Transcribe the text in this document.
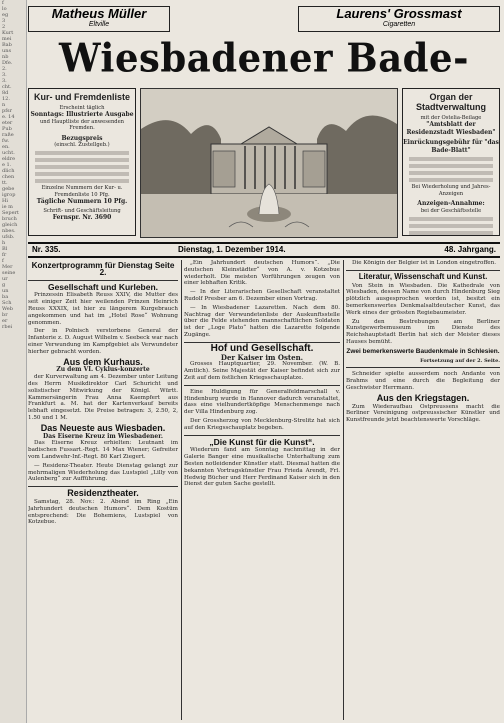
f
lo
eg
3
2
Kurt
mei
Bab
uns
nb
Dfe.
2.
3.
3.
cht.
8d
12.
n
pfsr
e. 14
eter
Pub
raße
fw.
en.
ucht.
eldre
e 1.
dlich
chen
tt.
gebe
igrop
Hi
ie m
Sepert
bruch
gleich
nbes.
ufsb.
h
Bl
fr
f
Mer
seine
ur
g
un
ba
Sch
Web
br
er
rbei
Matheus Müller
Eltville
Laurens' Grossmast
Cigaretten
Wiesbadener Bade-
Kur- und Fremdenliste
Erscheint täglich
Sonntags: Illustrierte Ausgabe
und Hauptliste der anwesenden Fremden.
Bezugspreis
(einschl. Zustellgeb.)
Einzelne Nummern der Kur- u. Fremdenliste 10 Pfg.
Tägliche Nummern 10 Pfg.
Schrift- und Geschäftsleitung
Fernspr. Nr. 3690
Organ der Stadtverwaltung
mit der Ostelia-Beilage
"Amtsblatt der Residenzstadt Wiesbaden"
Einrückungsgebühr für "das Bade-Blatt"
Bei Wiederholung und Jahres-Anzeigen
Anzeigen-Annahme:
bei der Geschäftsstelle
Nr. 335.	Dienstag, 1. Dezember 1914.	48. Jahrgang.
Konzertprogramm für Dienstag Seite 2.
Gesellschaft und Kurleben.

Prinzessin Elisabeth Reuss XXIV, die Mutter des seit einiger Zeit hier weilenden Prinzen Heinrich Reuss XXXIX, ist hier zu längerem Kurgebrauch angekommen und hat im „Hotel Rose“ Wohnung genommen.

Der in Polnisch verstorbene General der Infanterie z. D. August Wilhelm v. Seebeck war nach einer Verwundung im Kampfgebiet als Verwundeter hierher gebracht worden.

Aus dem Kurhaus.
Zu dem VI. Cyklus-konzerte

der Kurverwaltung am 4. Dezember unter Leitung des Herrn Musikdirektor Carl Schuricht und solistischer Mitwirkung der Königl. Württ. Kammersängerin Frau Anna Kaempfert aus Frankfurt a. M. hat der Kartenverkauf bereits lebhaft eingesetzt. Die Preise betragen: 3, 2.50, 2, 1.50 und 1 M.

Das Neueste aus Wiesbaden.
Das Eiserne Kreuz im Wiesbadener.

Das Eiserne Kreuz erhielten: Leutnant im badischen Fussart.-Regt. 14 Max Wiener; Gefreiter vom Landwehr-Inf.-Regt. 80 Karl Ziegert.

— Residenz-Theater. Heute Dienstag gelangt zur mehrmaligen Wiederholung das Lustspiel „Lilly von Aulenberg“ zur Aufführung.

Residenztheater.

Samstag, 28. Nov.: 2. Abend im Ring „Ein Jahrhundert deutschen Humors“. Dem Kostüm entsprechend: Die Bohemiens, Lustspiel von Kotzebue.

„Ein Jahrhundert deutschen Humors“. „Die deutschen Kleinstädter“ von A. v. Kotzebue wiederholt. Die meisten Vorführungen zeugen von einer lebhaften Kritik.

— In der Literarischen Gesellschaft veranstaltet Rudolf Presber am 6. Dezember einen Vortrag.

— In Wiesbadener Lazaretten. Nach dem 80. Nachtrag der Verwundetenliste der Auskunftsstelle über die Felde stehenden mannschaftlichen Soldaten ist der „Loge Plato“ hatten die Lazarette folgende Zugänge.

Hof und Gesellschaft.
Der Kaiser im Osten.

Grosses Hauptquartier, 29. November. (W. B. Amtlich). Seine Majestät der Kaiser befindet sich zur Zeit auf dem östlichen Kriegsschauplatze.

Eine Huldigung für Generalfeldmarschall v. Hindenburg wurde in Hannover dadurch veranstaltet, dass eine vielhundertköpfige Menschenmenge nach der Villa Hindenburg zog.

Der Grossherzog von Mecklenburg-Strelitz hat sich auf den Kriegsschauplatz begeben.

„Die Kunst für die Kunst“.

Wiederum fand am Sonntag nachmittag in der Galerie Banger eine musikalische Unterhaltung zum Besten notleidender Künstler statt. Diesmal hatten die bekannten Vortragskünstler Frau Frieda Arendt, Frl. Hedwig Bücher und Herr Ferdinand Kaiser sich in den Dienst der guten Sache gestellt.

Die Königin der Belgier ist in London eingetroffen.

Literatur, Wissenschaft und Kunst.

Von Stein in Wiesbaden. Die Kathedrale von Wiesbaden, dessen Name von durch Hindenburg Sieg plötzlich ausgesprochen worden ist, besitzt ein bemerkenswertes Denkmalsaltdeutscher Kunst, das Werk eines der grössten Regiebaumeister.

Zu den Bestrebungen am Berliner Kunstgewerbemuseum im Dienste des Reichshauptstadt Berlin hat sich der Meister dieses Hauses bemüht.

Zwei bemerkenswerte Baudenkmale in Schlesien.
Fortsetzung auf der 2. Seite.

Schneider spielte ausserdem noch Andante von Brahms und eine durch die Begleitung der Geschwister Herrmann.

Aus den Kriegstagen.

Zum Wiederaufbau Ostpreussens macht die Berliner Vereinigung ostpreussischer Künstler und Kunstfreunde jetzt beachtenswerte Vorschläge.
